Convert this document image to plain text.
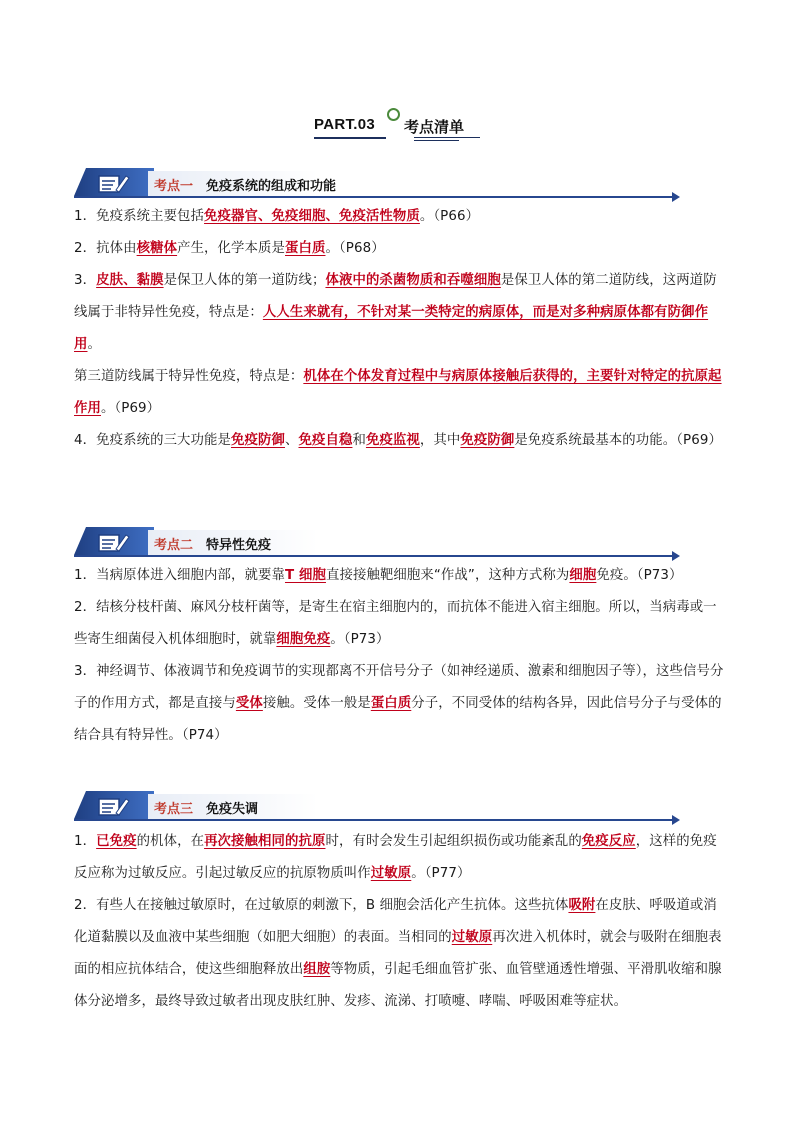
PART.03 考点清单
考点一 免疫系统的组成和功能

1．免疫系统主要包括免疫器官、免疫细胞、免疫活性物质。（P66）

2．抗体由核糖体产生，化学本质是蛋白质。（P68）

3．皮肤、黏膜是保卫人体的第一道防线；体液中的杀菌物质和吞噬细胞是保卫人体的第二道防线，这两道防线属于非特异性免疫，特点是：人人生来就有，不针对某一类特定的病原体，而是对多种病原体都有防御作用。

第三道防线属于特异性免疫，特点是：机体在个体发育过程中与病原体接触后获得的，主要针对特定的抗原起作用。（P69）

4．免疫系统的三大功能是免疫防御、免疫自稳和免疫监视，其中免疫防御是免疫系统最基本的功能。（P69）

考点二 特异性免疫

1．当病原体进入细胞内部，就要靠T 细胞直接接触靶细胞来“作战”，这种方式称为细胞免疫。（P73）

2．结核分枝杆菌、麻风分枝杆菌等，是寄生在宿主细胞内的，而抗体不能进入宿主细胞。所以，当病毒或一些寄生细菌侵入机体细胞时，就靠细胞免疫。（P73）

3．神经调节、体液调节和免疫调节的实现都离不开信号分子（如神经递质、激素和细胞因子等），这些信号分子的作用方式，都是直接与受体接触。受体一般是蛋白质分子，不同受体的结构各异，因此信号分子与受体的结合具有特异性。（P74）

考点三 免疫失调

1．已免疫的机体，在再次接触相同的抗原时，有时会发生引起组织损伤或功能紊乱的免疫反应，这样的免疫反应称为过敏反应。引起过敏反应的抗原物质叫作过敏原。（P77）

2．有些人在接触过敏原时，在过敏原的刺激下，B 细胞会活化产生抗体。这些抗体吸附在皮肤、呼吸道或消化道黏膜以及血液中某些细胞（如肥大细胞）的表面。当相同的过敏原再次进入机体时，就会与吸附在细胞表面的相应抗体结合，使这些细胞释放出组胺等物质，引起毛细血管扩张、血管壁通透性增强、平滑肌收缩和腺体分泌增多，最终导致过敏者出现皮肤红肿、发疹、流涕、打喷嚏、哮喘、呼吸困难等症状。
